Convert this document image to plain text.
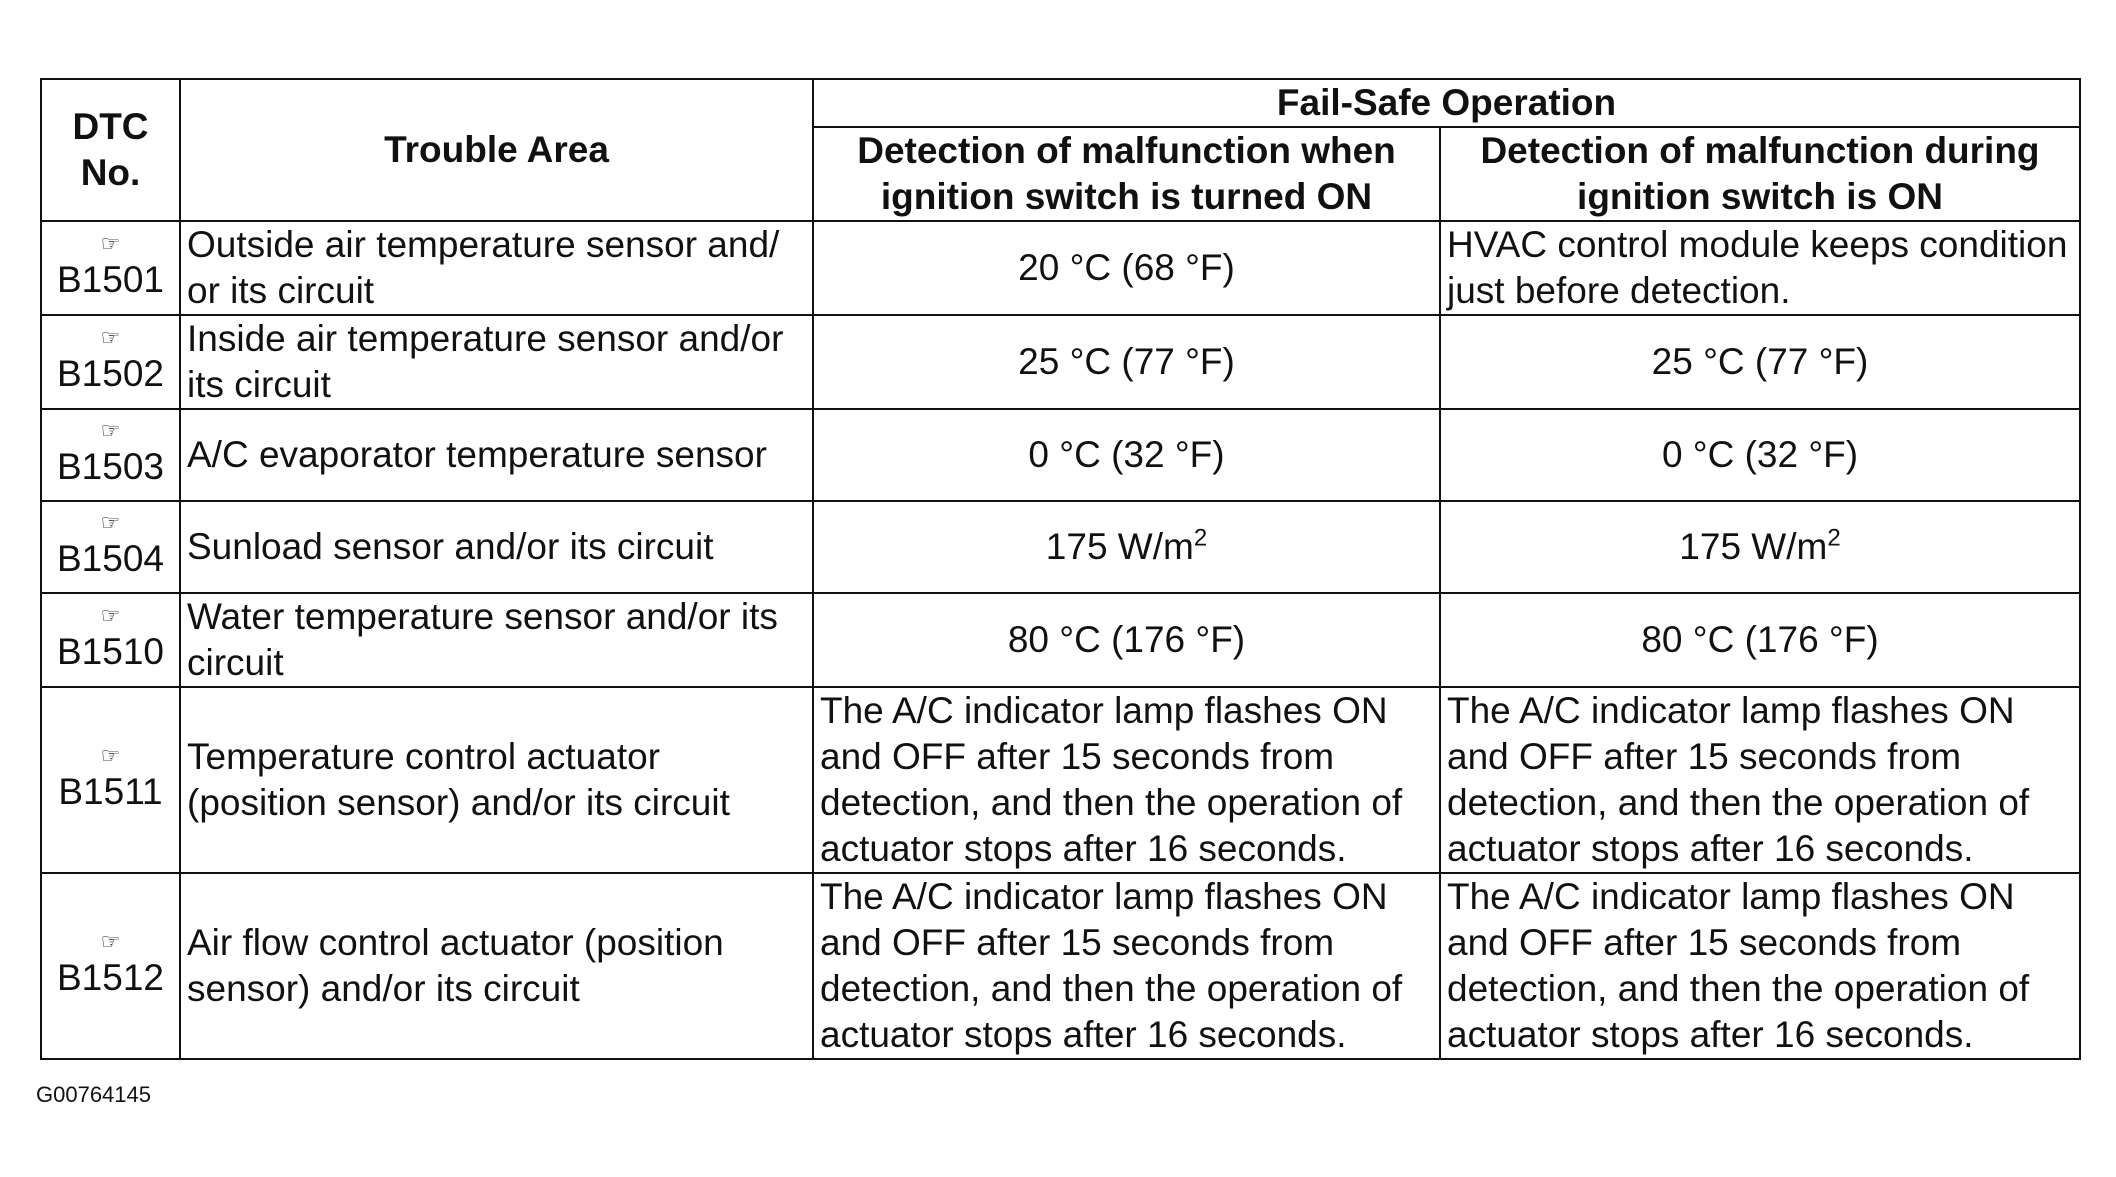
DTC No.	Trouble Area	Fail-Safe Operation	
		Detection of malfunction when ignition switch is turned ON	Detection of malfunction during ignition switch is ON

☞
B1501	Outside air temperature sensor and/ or its circuit	20 °C (68 °F)	HVAC control module keeps condition just before detection.

☞
B1502	Inside air temperature sensor and/or its circuit	25 °C (77 °F)	25 °C (77 °F)

☞
B1503	A/C evaporator temperature sensor	0 °C (32 °F)	0 °C (32 °F)

☞
B1504	Sunload sensor and/or its circuit	175 $W/m^2$	175 $W/m^2$

☞
B1510	Water temperature sensor and/or its circuit	80 °C (176 °F)	80 °C (176 °F)

☞
B1511	Temperature control actuator (position sensor) and/or its circuit	The A/C indicator lamp flashes ON and OFF after 15 seconds from detection, and then the operation of actuator stops after 16 seconds.	The A/C indicator lamp flashes ON and OFF after 15 seconds from detection, and then the operation of actuator stops after 16 seconds.

☞
B1512	Air flow control actuator (position sensor) and/or its circuit	The A/C indicator lamp flashes ON and OFF after 15 seconds from detection, and then the operation of actuator stops after 16 seconds.	The A/C indicator lamp flashes ON and OFF after 15 seconds from detection, and then the operation of actuator stops after 16 seconds.
G00764145
